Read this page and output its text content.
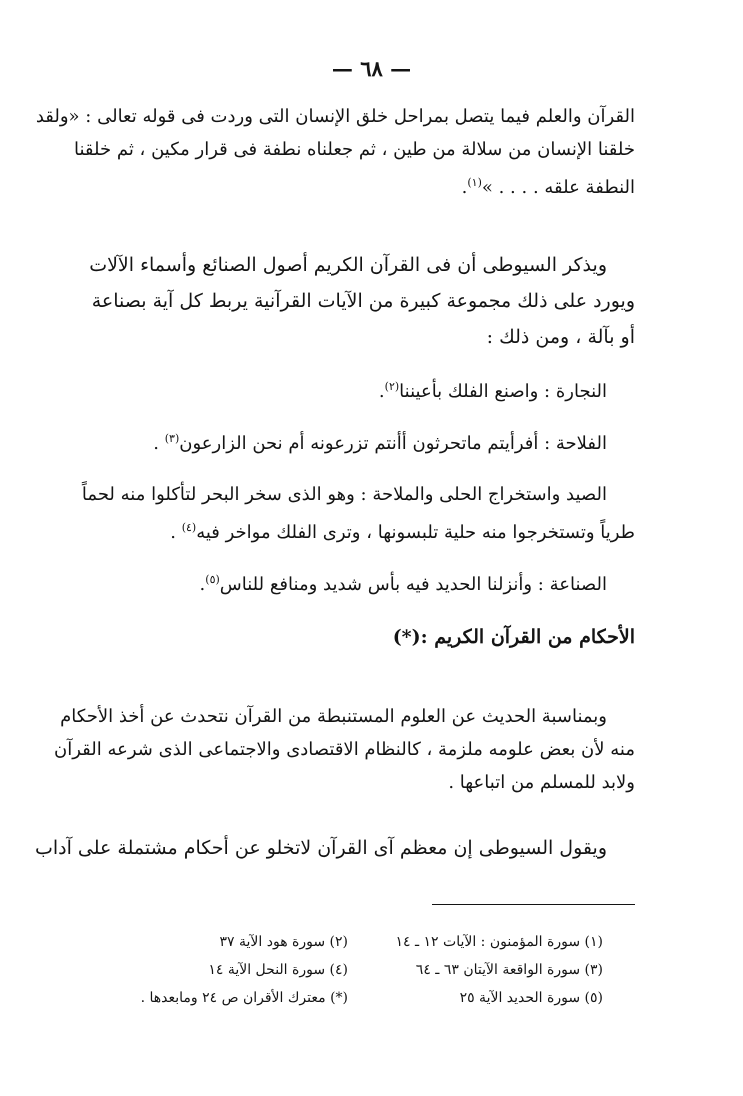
— ٦٨ —
القرآن والعلم فيما يتصل بمراحل خلق الإنسان التى وردت فى قوله تعالى : «ولقد
خلقنا الإنسان من سلالة من طين ، ثم جعلناه نطفة فى قرار مكين ، ثم خلقنا
النطفة علقه . . . . »$^{(١)}$.
ويذكر السيوطى أن فى القرآن الكريم أصول الصنائع وأسماء الآلات
ويورد على ذلك مجموعة كبيرة من الآيات القرآنية يربط كل آية بصناعة
أو بآلة ، ومن ذلك :
النجارة : واصنع الفلك بأعيننا$^{(٢)}$.
الفلاحة : أفرأيتم ماتحرثون أأنتم تزرعونه أم نحن الزارعون$^{(٣)}$ .
الصيد واستخراج الحلى والملاحة : وهو الذى سخر البحر لتأكلوا منه لحماً
طرياً وتستخرجوا منه حلية تلبسونها ، وترى الفلك مواخر فيه$^{(٤)}$ .
الصناعة : وأنزلنا الحديد فيه بأس شديد ومنافع للناس$^{(٥)}$.
الأحكام من القرآن الكريم :(*)
وبمناسبة الحديث عن العلوم المستنبطة من القرآن نتحدث عن أخذ الأحكام
منه لأن بعض علومه ملزمة ، كالنظام الاقتصادى والاجتماعى الذى شرعه القرآن
ولابد للمسلم من اتباعها .
ويقول السيوطى إن معظم آى القرآن لاتخلو عن أحكام مشتملة على آداب
(١) سورة المؤمنون : الآيات ١٢ ـ ١٤
(٢) سورة هود الآية ٣٧
(٣) سورة الواقعة الآيتان ٦٣ ـ ٦٤
(٤) سورة النحل الآية ١٤
(٥) سورة الحديد الآية ٢٥
(*) معترك الأقران ص ٢٤ ومابعدها .
